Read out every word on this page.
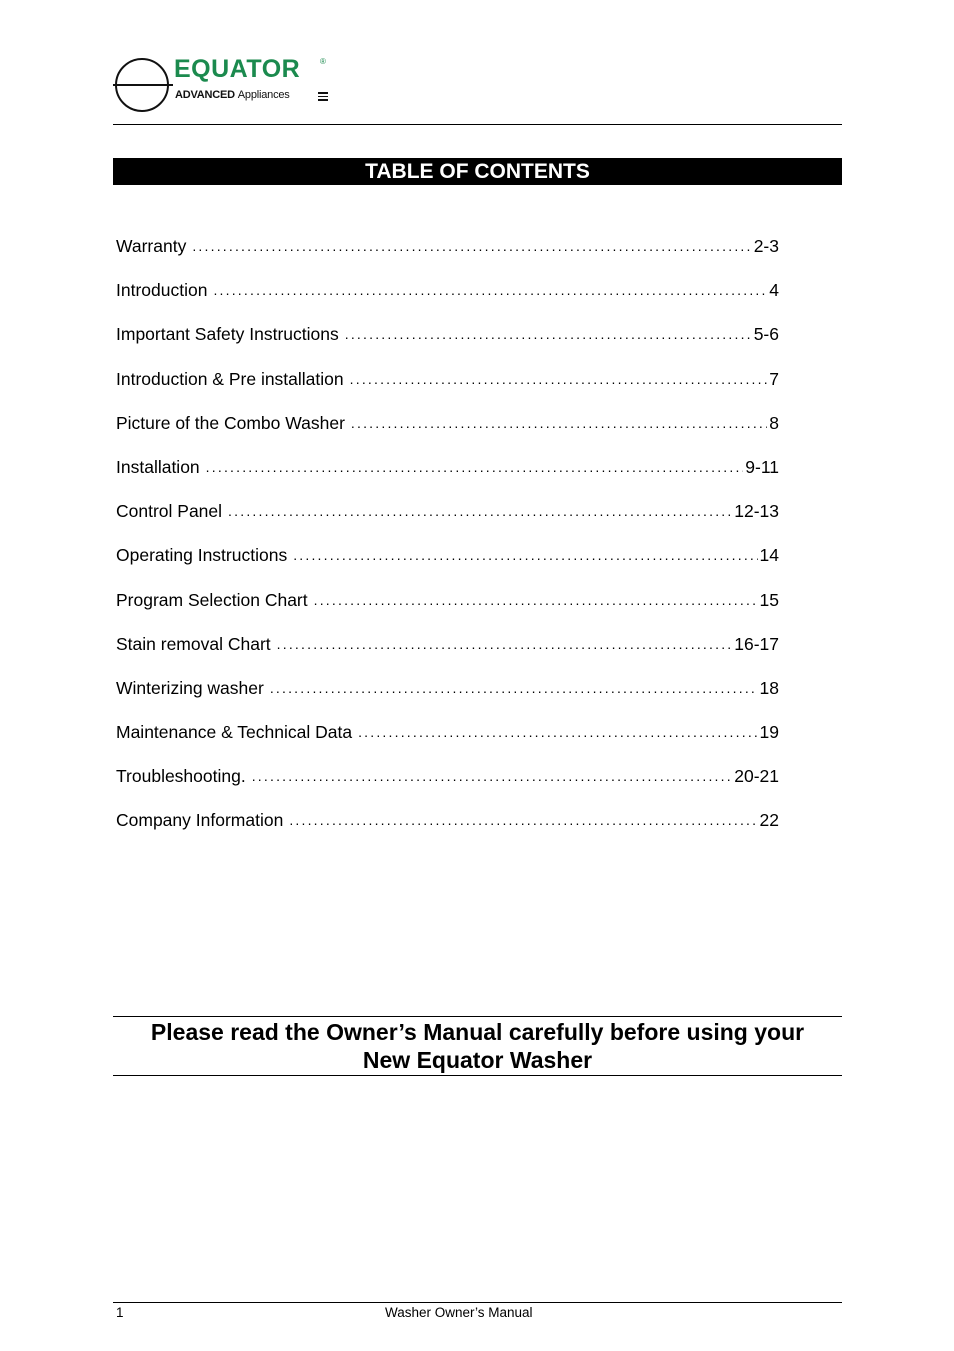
EQUATOR ®
ADVANCED Appliances
TABLE OF CONTENTS
Warranty .....	2-3
Introduction .....	4
Important Safety Instructions .....	5-6
Introduction & Pre installation .....	7
Picture of the Combo Washer .....	8
Installation .....	9-11
Control Panel .....	12-13
Operating Instructions .....	14
Program Selection Chart .....	15
Stain removal Chart .....	16-17
Winterizing washer .....	18
Maintenance & Technical Data .....	19
Troubleshooting. .....	20-21
Company Information .....	22
Please read the Owner’s Manual carefully before using your
New Equator Washer
1	Washer Owner’s Manual
